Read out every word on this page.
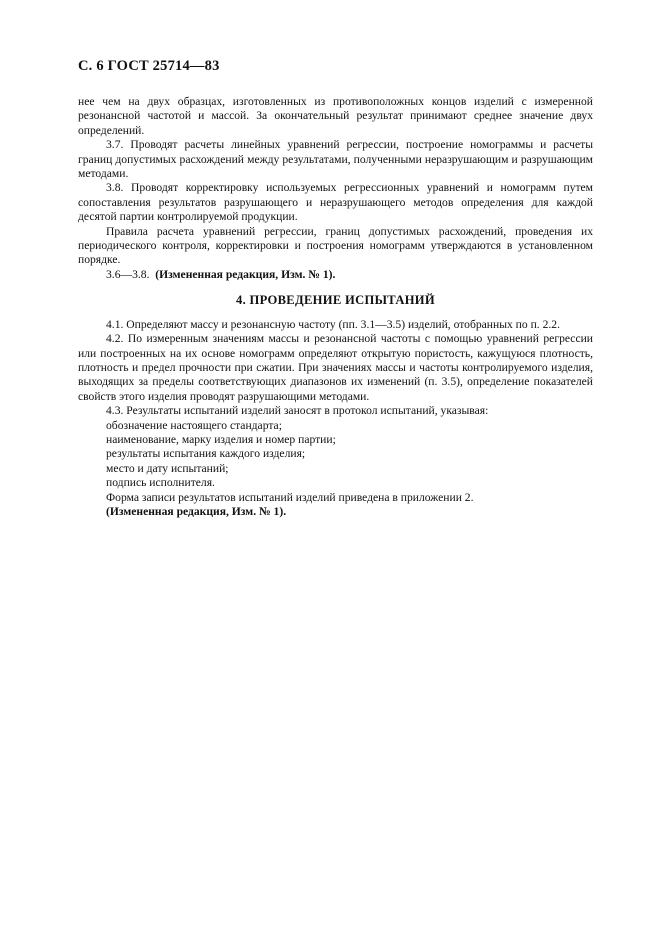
С. 6 ГОСТ 25714—83

нее чем на двух образцах, изготовленных из противоположных концов изделий с измеренной резонансной частотой и массой. За окончательный результат принимают среднее значение двух определений.

3.7. Проводят расчеты линейных уравнений регрессии, построение номограммы и расчеты границ допустимых расхождений между результатами, полученными неразрушающим и разрушающим методами.

3.8. Проводят корректировку используемых регрессионных уравнений и номограмм путем сопоставления результатов разрушающего и неразрушающего методов определения для каждой десятой партии контролируемой продукции.

Правила расчета уравнений регрессии, границ допустимых расхождений, проведения их периодического контроля, корректировки и построения номограмм утверждаются в установленном порядке.

3.6—3.8. (Измененная редакция, Изм. № 1).

4. ПРОВЕДЕНИЕ ИСПЫТАНИЙ

4.1. Определяют массу и резонансную частоту (пп. 3.1—3.5) изделий, отобранных по п. 2.2.

4.2. По измеренным значениям массы и резонансной частоты с помощью уравнений регрессии или построенных на их основе номограмм определяют открытую пористость, кажущуюся плотность, плотность и предел прочности при сжатии. При значениях массы и частоты контролируемого изделия, выходящих за пределы соответствующих диапазонов их изменений (п. 3.5), определение показателей свойств этого изделия проводят разрушающими методами.

4.3. Результаты испытаний изделий заносят в протокол испытаний, указывая:

обозначение настоящего стандарта;

наименование, марку изделия и номер партии;

результаты испытания каждого изделия;

место и дату испытаний;

подпись исполнителя.

Форма записи результатов испытаний изделий приведена в приложении 2.

(Измененная редакция, Изм. № 1).
